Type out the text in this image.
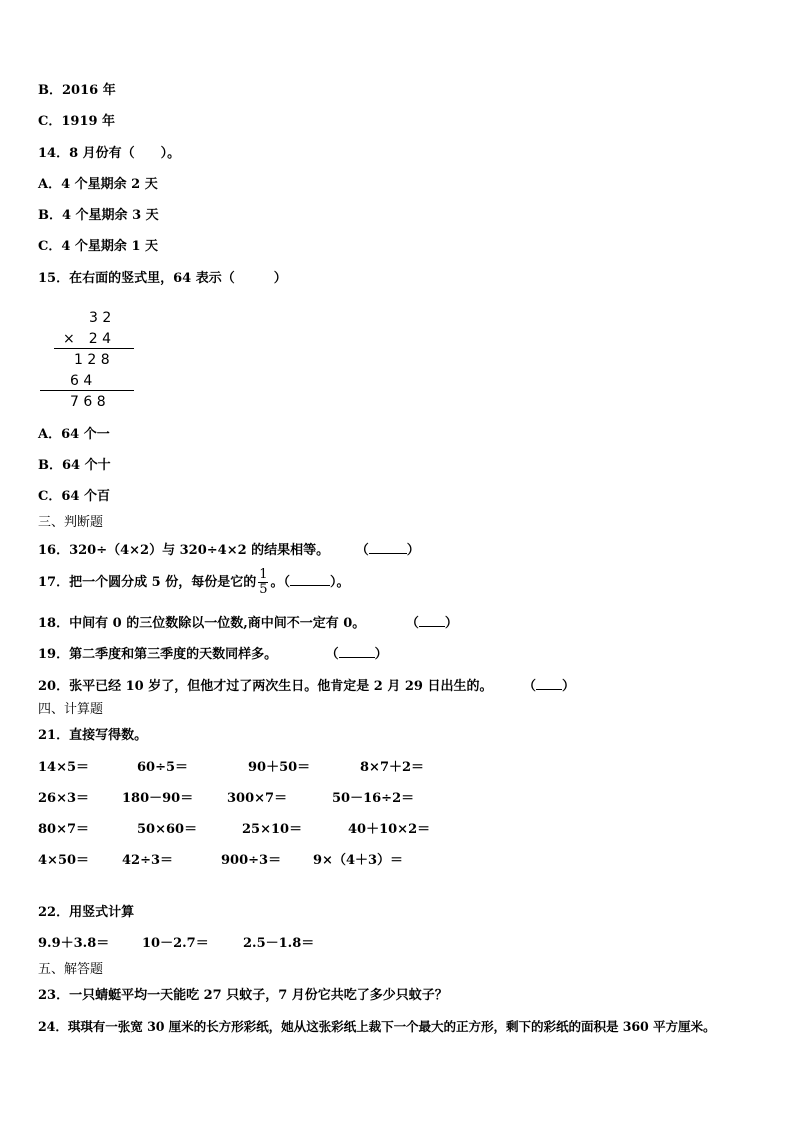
B．2016 年
C．1919 年
14．8 月份有（　　）。
A．4 个星期余 2 天
B．4 个星期余 3 天
C．4 个星期余 1 天
15．在右面的竖式里，64 表示（　　　）
3 2
×　2 4
1 2 8
6 4
7 6 8
A．64 个一
B．64 个十
C．64 个百
三、判断题
16．320÷（4×2）与 320÷4×2 的结果相等。 （	）
17．把一个圆分成 5 份，每份是它的 $\frac{1}{5}$ 。（	）。
18．中间有 0 的三位数除以一位数,商中间不一定有 0。	（ ）
19．第二季度和第三季度的天数同样多。	（	）
20．张平已经 10 岁了，但他才过了两次生日。他肯定是 2 月 29 日出生的。 （ ）
四、计算题
21．直接写得数。
14×5＝	60÷5＝	90＋50＝	8×7＋2＝
26×3＝	180－90＝	300×7＝	50－16÷2＝
80×7＝	50×60＝	25×10＝	40＋10×2＝
4×50＝	42÷3＝	900÷3＝ 9×（4＋3）＝
22．用竖式计算
9.9＋3.8＝	10－2.7＝	2.5－1.8＝
五、解答题
23．一只蜻蜓平均一天能吃 27 只蚊子，7 月份它共吃了多少只蚊子？
24．琪琪有一张宽 30 厘米的长方形彩纸，她从这张彩纸上裁下一个最大的正方形，剩下的彩纸的面积是 360 平方厘米。
